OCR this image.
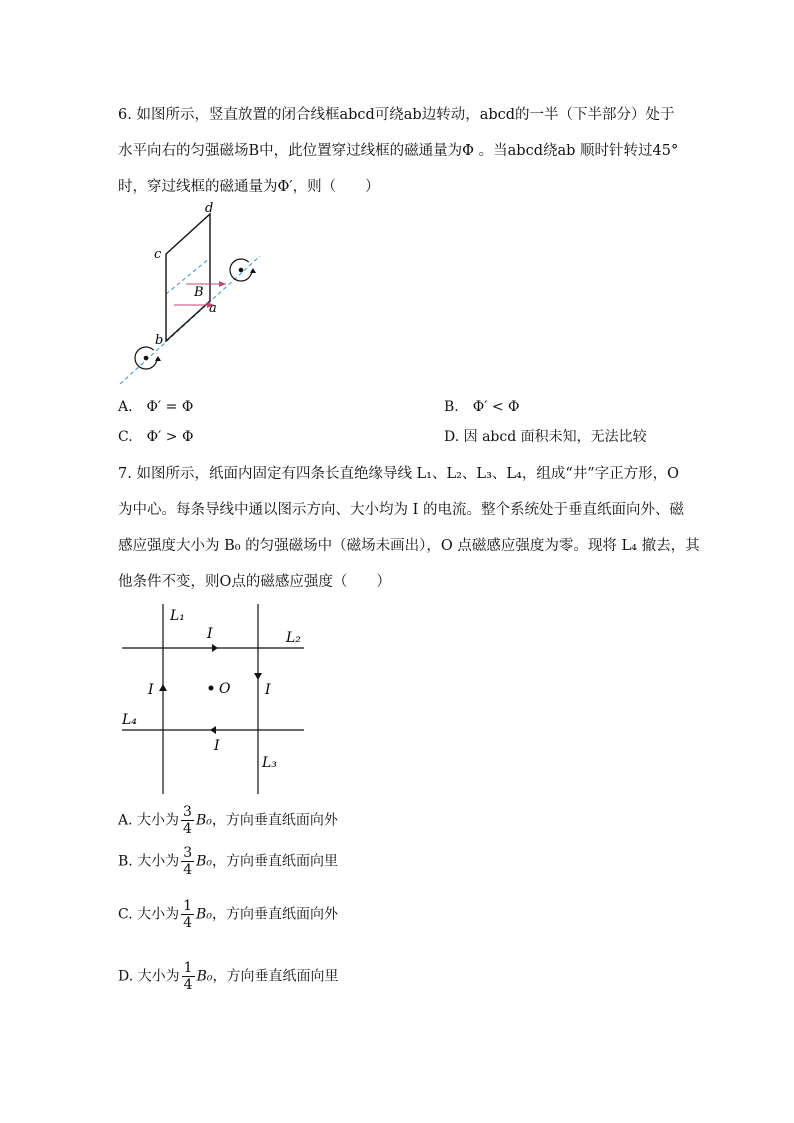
6. 如图所示，竖直放置的闭合线框abcd可绕ab边转动，abcd的一半（下半部分）处于
水平向右的匀强磁场B中，此位置穿过线框的磁通量为Φ 。当abcd绕ab 顺时针转过45°
时，穿过线框的磁通量为Φ′，则（　　）
d
c
B
a
b
A.　Φ′ = Φ	B.　Φ′ < Φ
C.　Φ′ > Φ	D. 因 abcd 面积未知，无法比较
7. 如图所示，纸面内固定有四条长直绝缘导线 L₁、L₂、L₃、L₄，组成“井”字正方形，O
为中心。每条导线中通以图示方向、大小均为 I 的电流。整个系统处于垂直纸面向外、磁
感应强度大小为 B₀ 的匀强磁场中（磁场未画出），O 点磁感应强度为零。现将 L₄ 撤去，其
他条件不变，则O点的磁感应强度（　　）
L₁
L₂
L₃
L₄
I
I	I
I
O
A. 大小为 $\frac{3}{4} B_0$，方向垂直纸面向外
B. 大小为 $\frac{3}{4} B_0$，方向垂直纸面向里
C. 大小为 $\frac{1}{4} B_0$，方向垂直纸面向外
D. 大小为 $\frac{1}{4} B_0$，方向垂直纸面向里
